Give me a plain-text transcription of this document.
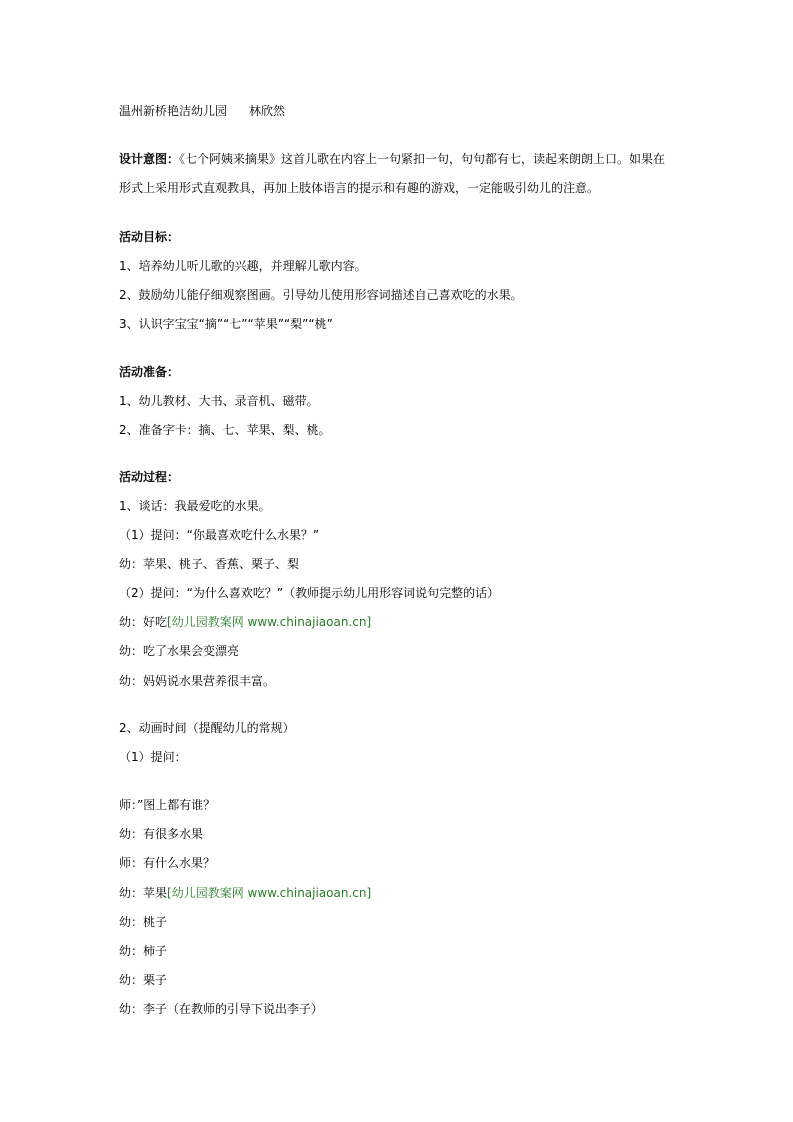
温州新桥艳洁幼儿园 林欣然
设计意图：《七个阿姨来摘果》这首儿歌在内容上一句紧扣一句，句句都有七，读起来朗朗上口。如果在
形式上采用形式直观教具，再加上肢体语言的提示和有趣的游戏，一定能吸引幼儿的注意。
活动目标：
1、培养幼儿听儿歌的兴趣，并理解儿歌内容。
2、鼓励幼儿能仔细观察图画。引导幼儿使用形容词描述自己喜欢吃的水果。
3、认识字宝宝“摘”“七”“苹果”“梨”“桃”
活动准备：
1、幼儿教材、大书、录音机、磁带。
2、准备字卡：摘、七、苹果、梨、桃。
活动过程：
1、谈话：我最爱吃的水果。
（1）提问：“你最喜欢吃什么水果？”
幼：苹果、桃子、香蕉、栗子、梨
（2）提问：“为什么喜欢吃？”（教师提示幼儿用形容词说句完整的话）
幼：好吃[幼儿园教案网 www.chinajiaoan.cn]
幼：吃了水果会变漂亮
幼：妈妈说水果营养很丰富。
2、动画时间（提醒幼儿的常规）
（1）提问：
师：”图上都有谁？
幼：有很多水果
师：有什么水果？
幼：苹果[幼儿园教案网 www.chinajiaoan.cn]
幼：桃子
幼：柿子
幼：栗子
幼：李子（在教师的引导下说出李子）
